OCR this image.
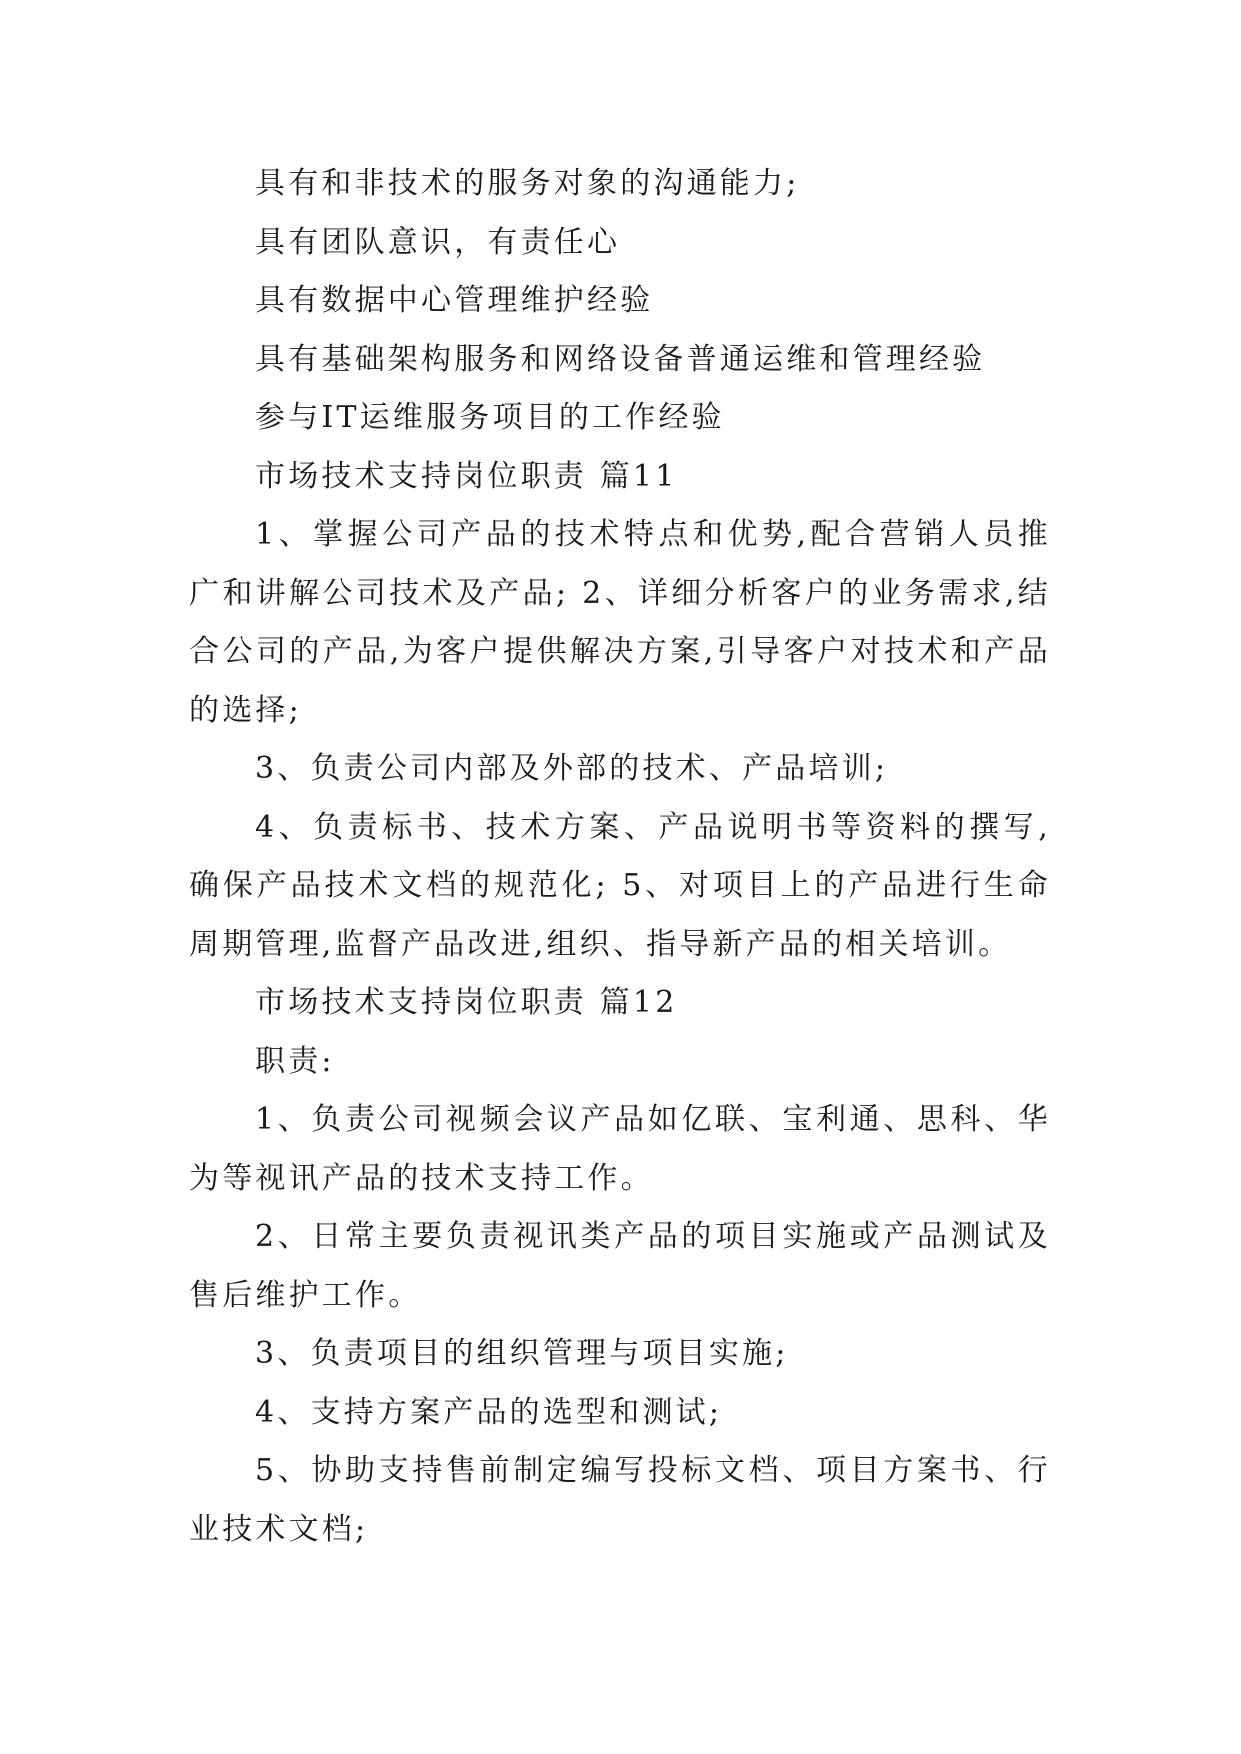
具有和非技术的服务对象的沟通能力;

具有团队意识，有责任心

具有数据中心管理维护经验

具有基础架构服务和网络设备普通运维和管理经验

参与IT运维服务项目的工作经验

市场技术支持岗位职责 篇11

1、掌握公司产品的技术特点和优势,配合营销人员推广和讲解公司技术及产品; 2、详细分析客户的业务需求,结合公司的产品,为客户提供解决方案,引导客户对技术和产品的选择;

3、负责公司内部及外部的技术、产品培训;

4、负责标书、技术方案、产品说明书等资料的撰写,确保产品技术文档的规范化; 5、对项目上的产品进行生命周期管理,监督产品改进,组织、指导新产品的相关培训。

市场技术支持岗位职责 篇12

职责:

1、负责公司视频会议产品如亿联、宝利通、思科、华为等视讯产品的技术支持工作。

2、日常主要负责视讯类产品的项目实施或产品测试及售后维护工作。

3、负责项目的组织管理与项目实施;

4、支持方案产品的选型和测试;

5、协助支持售前制定编写投标文档、项目方案书、行业技术文档;
